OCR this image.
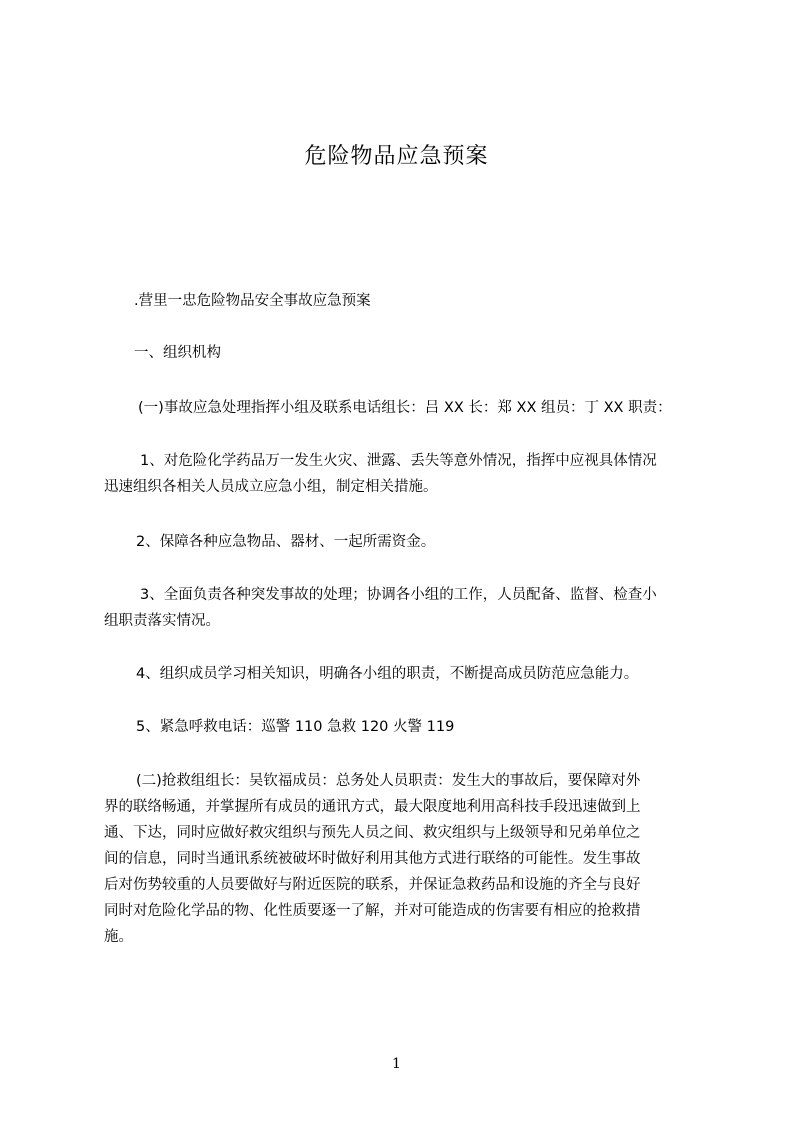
危险物品应急预案

.营里一忠危险物品安全事故应急预案

一、组织机构

(一)事故应急处理指挥小组及联系电话组长：吕 XX 长：郑 XX 组员：丁 XX 职责：

1、对危险化学药品万一发生火灾、泄露、丢失等意外情况，指挥中应视具体情况
迅速组织各相关人员成立应急小组，制定相关措施。

2、保障各种应急物品、器材、一起所需资金。

3、全面负责各种突发事故的处理；协调各小组的工作，人员配备、监督、检查小
组职责落实情况。

4、组织成员学习相关知识，明确各小组的职责，不断提高成员防范应急能力。

5、紧急呼救电话：巡警 110 急救 120 火警 119

(二)抢救组组长：吴钦福成员：总务处人员职责：发生大的事故后，要保障对外
界的联络畅通，并掌握所有成员的通讯方式，最大限度地利用高科技手段迅速做到上
通、下达，同时应做好救灾组织与预先人员之间、救灾组织与上级领导和兄弟单位之
间的信息，同时当通讯系统被破坏时做好利用其他方式进行联络的可能性。发生事故
后对伤势较重的人员要做好与附近医院的联系，并保证急救药品和设施的齐全与良好
同时对危险化学品的物、化性质要逐一了解，并对可能造成的伤害要有相应的抢救措
施。
1
